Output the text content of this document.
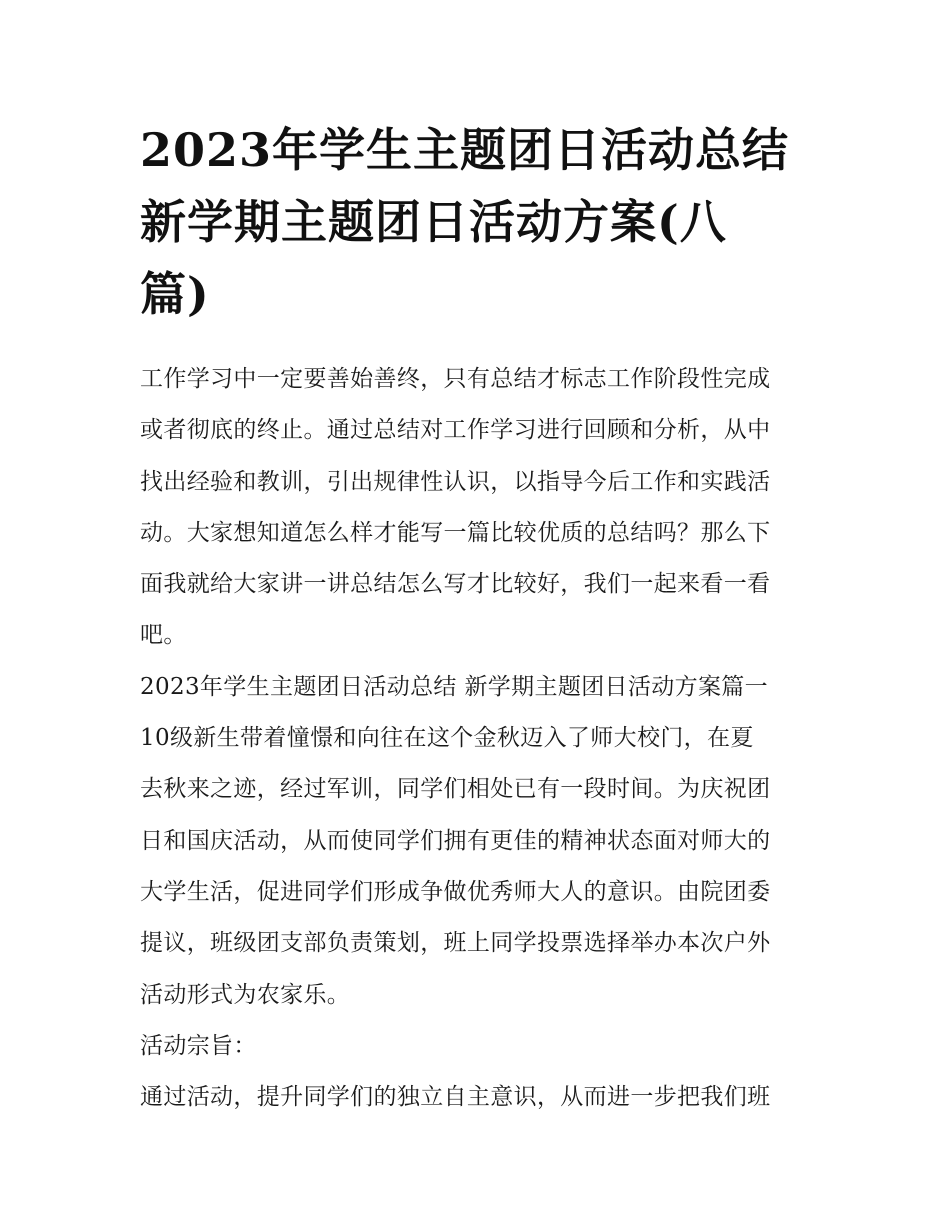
2023年学生主题团日活动总结
新学期主题团日活动方案(八
篇)
工作学习中一定要善始善终，只有总结才标志工作阶段性完成
或者彻底的终止。通过总结对工作学习进行回顾和分析，从中
找出经验和教训，引出规律性认识，以指导今后工作和实践活
动。大家想知道怎么样才能写一篇比较优质的总结吗？那么下
面我就给大家讲一讲总结怎么写才比较好，我们一起来看一看
吧。
2023年学生主题团日活动总结 新学期主题团日活动方案篇一
10级新生带着憧憬和向往在这个金秋迈入了师大校门，在夏
去秋来之迹，经过军训，同学们相处已有一段时间。为庆祝团
日和国庆活动，从而使同学们拥有更佳的精神状态面对师大的
大学生活，促进同学们形成争做优秀师大人的意识。由院团委
提议，班级团支部负责策划，班上同学投票选择举办本次户外
活动形式为农家乐。
活动宗旨：
通过活动，提升同学们的独立自主意识，从而进一步把我们班
